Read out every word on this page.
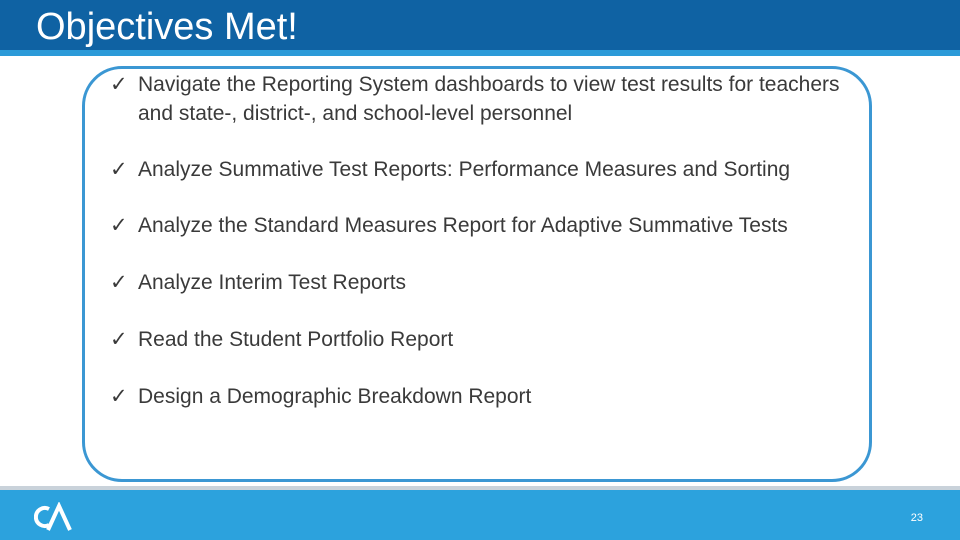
Objectives Met!
✓ Navigate the Reporting System dashboards to view test results for teachers and state-, district-, and school-level personnel
✓ Analyze Summative Test Reports: Performance Measures and Sorting
✓ Analyze the Standard Measures Report for Adaptive Summative Tests
✓ Analyze Interim Test Reports
✓ Read the Student Portfolio Report
✓ Design a Demographic Breakdown Report
23
